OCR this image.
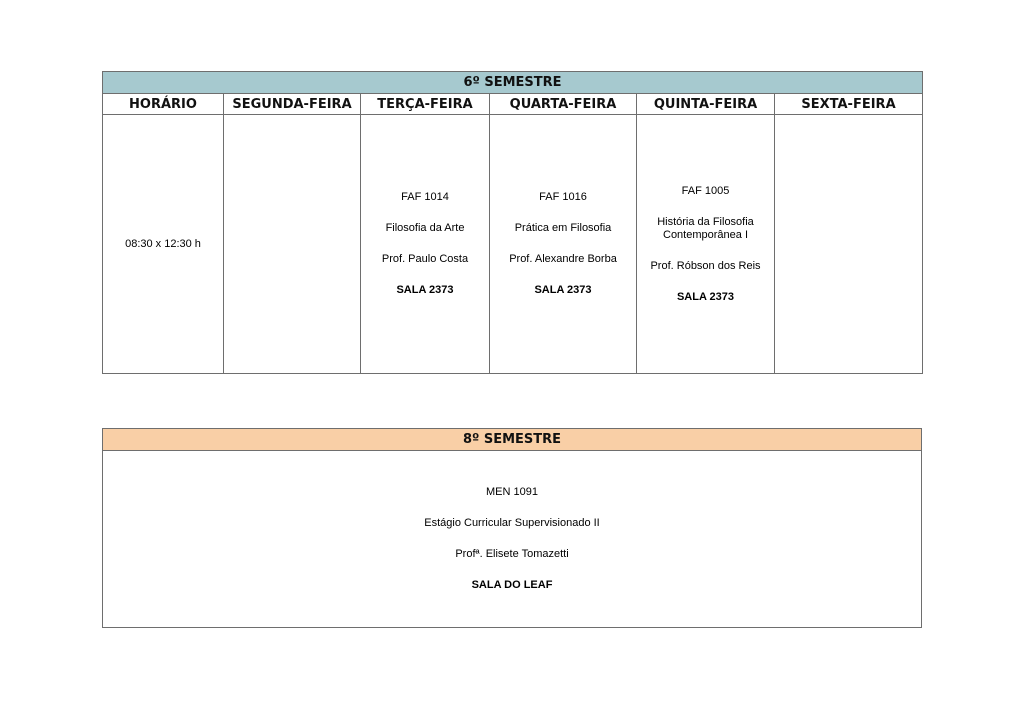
6º SEMESTRE					
HORÁRIO	SEGUNDA-FEIRA	TERÇA-FEIRA	QUARTA-FEIRA	QUINTA-FEIRA	SEXTA-FEIRA

08:30 x 12:30 h		FAF 1014
Filosofia da Arte
Prof. Paulo Costa
SALA 2373	FAF 1016
Prática em Filosofia
Prof. Alexandre Borba
SALA 2373	FAF 1005
História da Filosofia
Contemporânea I
Prof. Róbson dos Reis
SALA 2373	

8º SEMESTRE

MEN 1091
Estágio Curricular Supervisionado II
Profª. Elisete Tomazetti
SALA DO LEAF
